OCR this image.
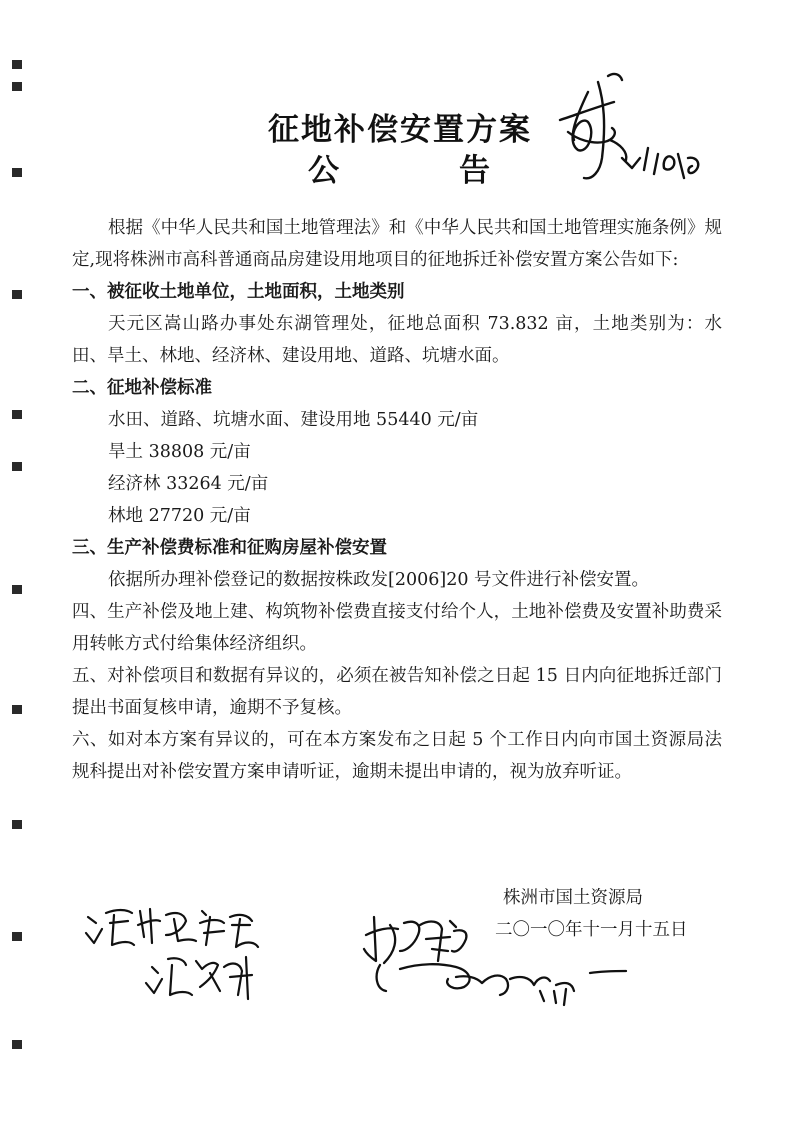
征地补偿安置方案
公	告

根据《中华人民共和国土地管理法》和《中华人民共和国土地管理实施条例》规定,现将株洲市高科普通商品房建设用地项目的征地拆迁补偿安置方案公告如下:

一、被征收土地单位，土地面积，土地类别

天元区嵩山路办事处东湖管理处，征地总面积 73.832 亩，土地类别为：水田、旱土、林地、经济林、建设用地、道路、坑塘水面。

二、征地补偿标准

水田、道路、坑塘水面、建设用地 55440 元/亩

旱土 38808 元/亩

经济林 33264 元/亩

林地 27720 元/亩

三、生产补偿费标准和征购房屋补偿安置

依据所办理补偿登记的数据按株政发[2006]20 号文件进行补偿安置。

四、生产补偿及地上建、构筑物补偿费直接支付给个人，土地补偿费及安置补助费采用转帐方式付给集体经济组织。

五、对补偿项目和数据有异议的，必须在被告知补偿之日起 15 日内向征地拆迁部门提出书面复核申请，逾期不予复核。

六、如对本方案有异议的，可在本方案发布之日起 5 个工作日内向市国土资源局法规科提出对补偿安置方案申请听证，逾期未提出申请的，视为放弃听证。

株洲市国土资源局
二〇一〇年十一月十五日
